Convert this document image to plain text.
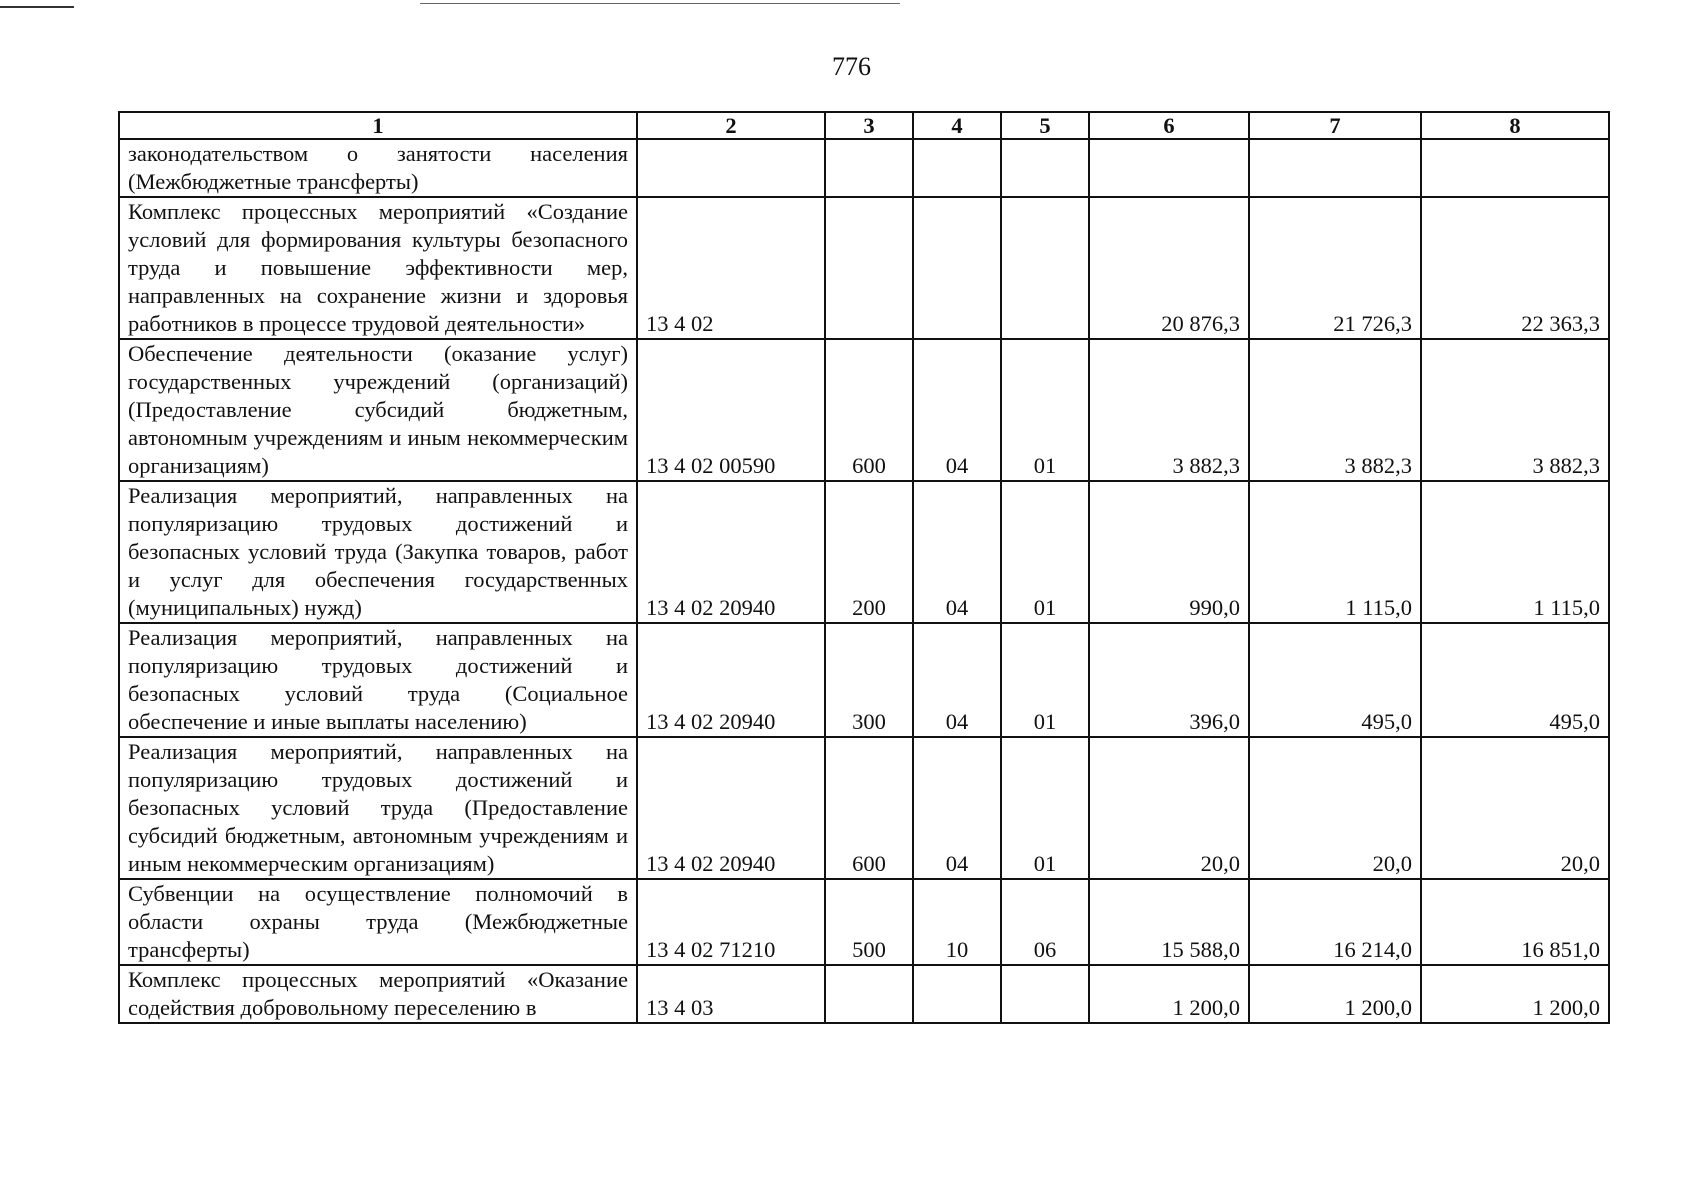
776
1	2	3	4	5	6	7	8
законодательством о занятости населения (Межбюджетные трансферты)							
Комплекс процессных мероприятий «Создание условий для формирования культуры безопасного труда и повышение эффективности мер, направленных на сохранение жизни и здоровья работников в процессе трудовой деятельности»	13 4 02				20 876,3	21 726,3	22 363,3
Обеспечение деятельности (оказание услуг) государственных учреждений (организаций) (Предоставление субсидий бюджетным, автономным учреждениям и иным некоммерческим организациям)	13 4 02 00590	600	04	01	3 882,3	3 882,3	3 882,3
Реализация мероприятий, направленных на популяризацию трудовых достижений и безопасных условий труда (Закупка товаров, работ и услуг для обеспечения государственных (муниципальных) нужд)	13 4 02 20940	200	04	01	990,0	1 115,0	1 115,0
Реализация мероприятий, направленных на популяризацию трудовых достижений и безопасных условий труда (Социальное обеспечение и иные выплаты населению)	13 4 02 20940	300	04	01	396,0	495,0	495,0
Реализация мероприятий, направленных на популяризацию трудовых достижений и безопасных условий труда (Предоставление субсидий бюджетным, автономным учреждениям и иным некоммерческим организациям)	13 4 02 20940	600	04	01	20,0	20,0	20,0
Субвенции на осуществление полномочий в области охраны труда (Межбюджетные трансферты)	13 4 02 71210	500	10	06	15 588,0	16 214,0	16 851,0
Комплекс процессных мероприятий «Оказание содействия добровольному переселению в	13 4 03				1 200,0	1 200,0	1 200,0
